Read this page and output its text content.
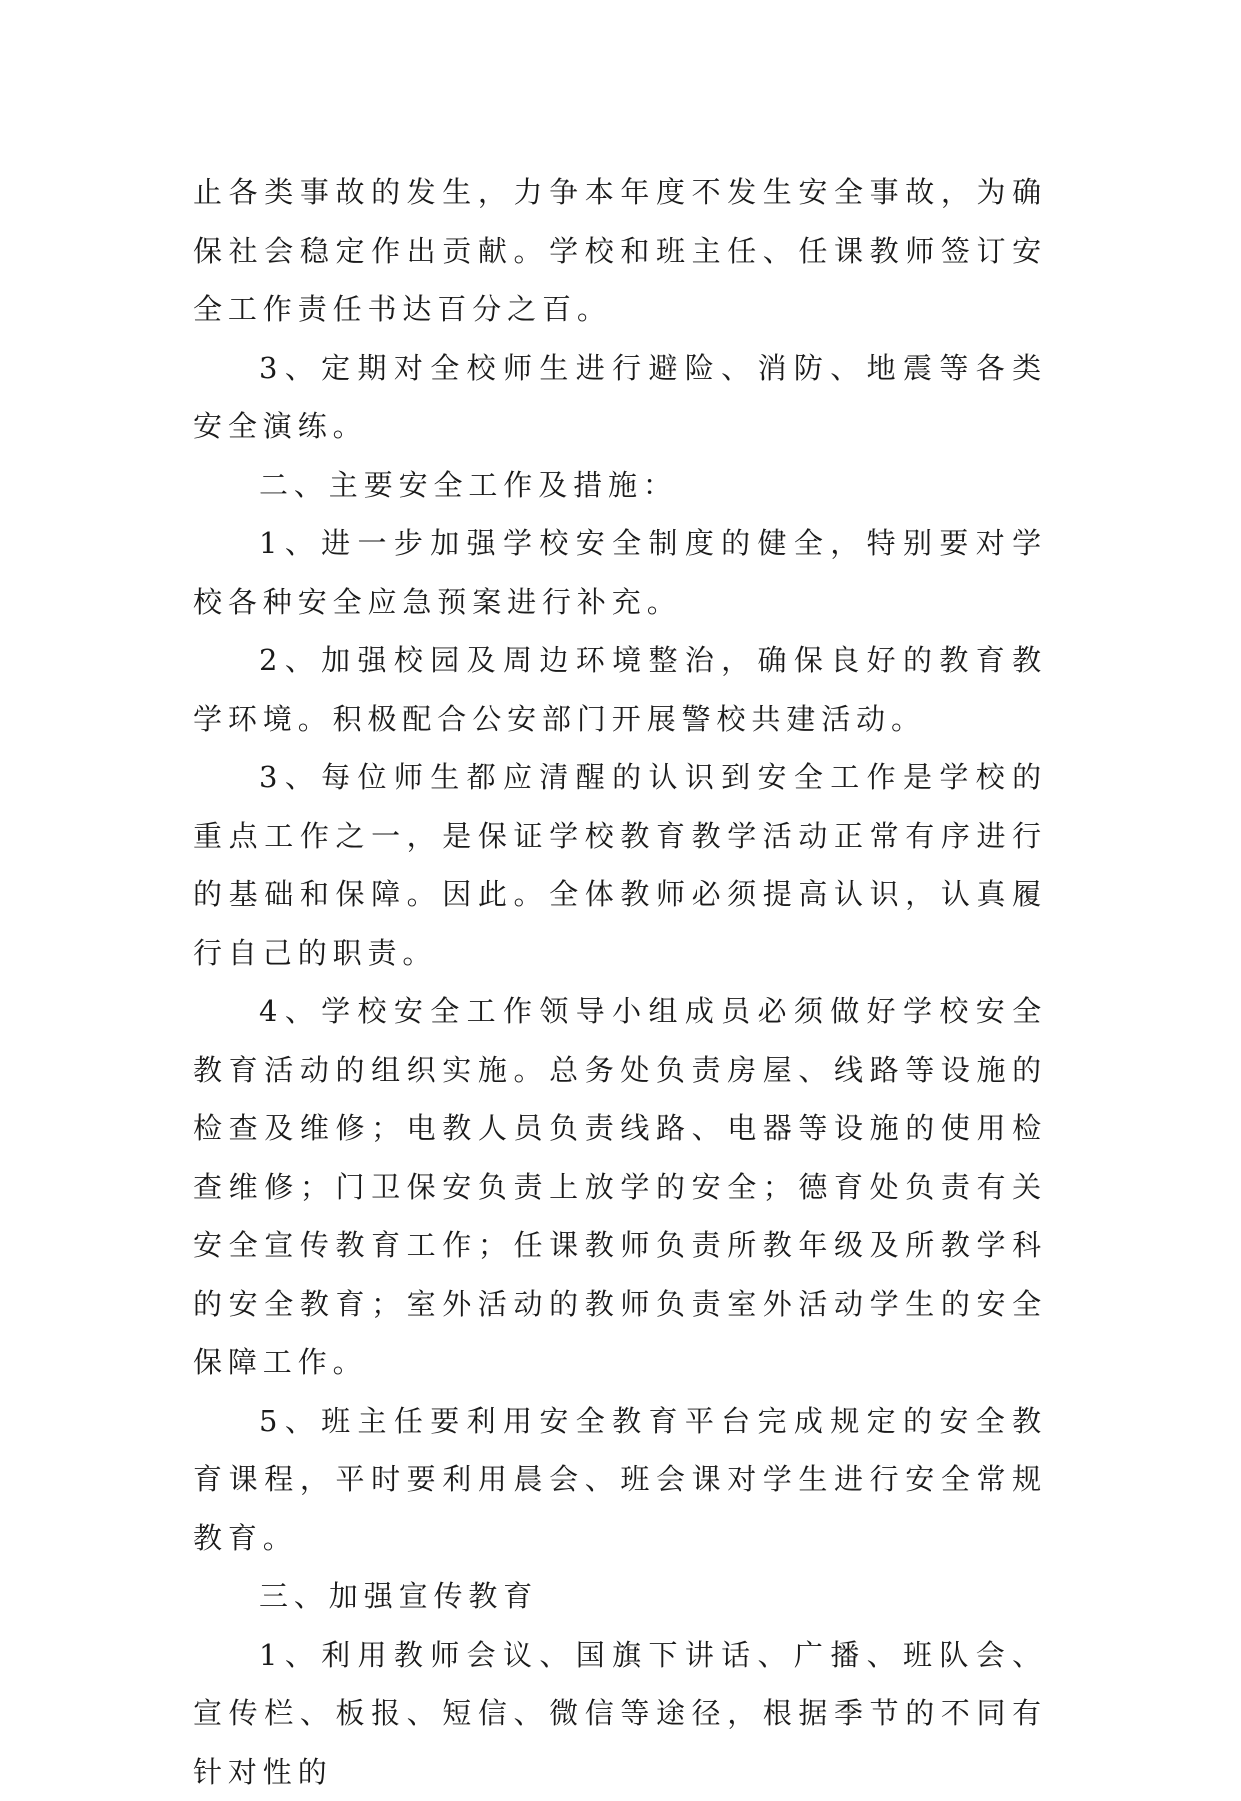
止各类事故的发生，力争本年度不发生安全事故，为确保社会稳定作出贡献。学校和班主任、任课教师签订安全工作责任书达百分之百。

3、定期对全校师生进行避险、消防、地震等各类安全演练。

二、主要安全工作及措施：

1、进一步加强学校安全制度的健全，特别要对学校各种安全应急预案进行补充。

2、加强校园及周边环境整治，确保良好的教育教学环境。积极配合公安部门开展警校共建活动。

3、每位师生都应清醒的认识到安全工作是学校的重点工作之一，是保证学校教育教学活动正常有序进行的基础和保障。因此。全体教师必须提高认识，认真履行自己的职责。

4、学校安全工作领导小组成员必须做好学校安全教育活动的组织实施。总务处负责房屋、线路等设施的检查及维修；电教人员负责线路、电器等设施的使用检查维修；门卫保安负责上放学的安全；德育处负责有关安全宣传教育工作；任课教师负责所教年级及所教学科的安全教育；室外活动的教师负责室外活动学生的安全保障工作。

5、班主任要利用安全教育平台完成规定的安全教育课程，平时要利用晨会、班会课对学生进行安全常规教育。

三、加强宣传教育

1、利用教师会议、国旗下讲话、广播、班队会、宣传栏、板报、短信、微信等途径，根据季节的不同有针对性的
